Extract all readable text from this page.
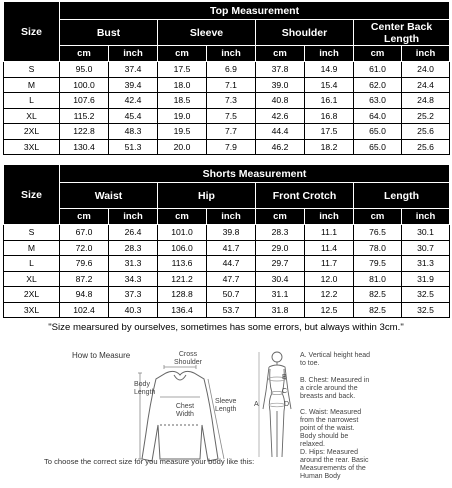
Size	Top Measurement							
	Bust		Sleeve		Shoulder		Center Back Length	
	cm	inch	cm	inch	cm	inch	cm	inch
S	95.0	37.4	17.5	6.9	37.8	14.9	61.0	24.0
M	100.0	39.4	18.0	7.1	39.0	15.4	62.0	24.4
L	107.6	42.4	18.5	7.3	40.8	16.1	63.0	24.8
XL	115.2	45.4	19.0	7.5	42.6	16.8	64.0	25.2
2XL	122.8	48.3	19.5	7.7	44.4	17.5	65.0	25.6
3XL	130.4	51.3	20.0	7.9	46.2	18.2	65.0	25.6
Size	Shorts Measurement							
	Waist		Hip		Front Crotch		Length	
	cm	inch	cm	inch	cm	inch	cm	inch
S	67.0	26.4	101.0	39.8	28.3	11.1	76.5	30.1
M	72.0	28.3	106.0	41.7	29.0	11.4	78.0	30.7
L	79.6	31.3	113.6	44.7	29.7	11.7	79.5	31.3
XL	87.2	34.3	121.2	47.7	30.4	12.0	81.0	31.9
2XL	94.8	37.3	128.8	50.7	31.1	12.2	82.5	32.5
3XL	102.4	40.3	136.4	53.7	31.8	12.5	82.5	32.5
"Size mearsured by ourselves, sometimes has some errors, but always within 3cm."
How to Measure	Cross Shoulder
Body Length
Chest Width
Sleeve Length
A
B
C
D
A. Vertical height head to toe.
B. Chest: Measured in a circle around the breasts and back.
C. Waist: Measured from the narrowest point of the waist. Body should be relaxed.
D. Hips: Measured around the rear. Basic Measurements of the Human Body
To choose the correct size for you measure your body like this:
